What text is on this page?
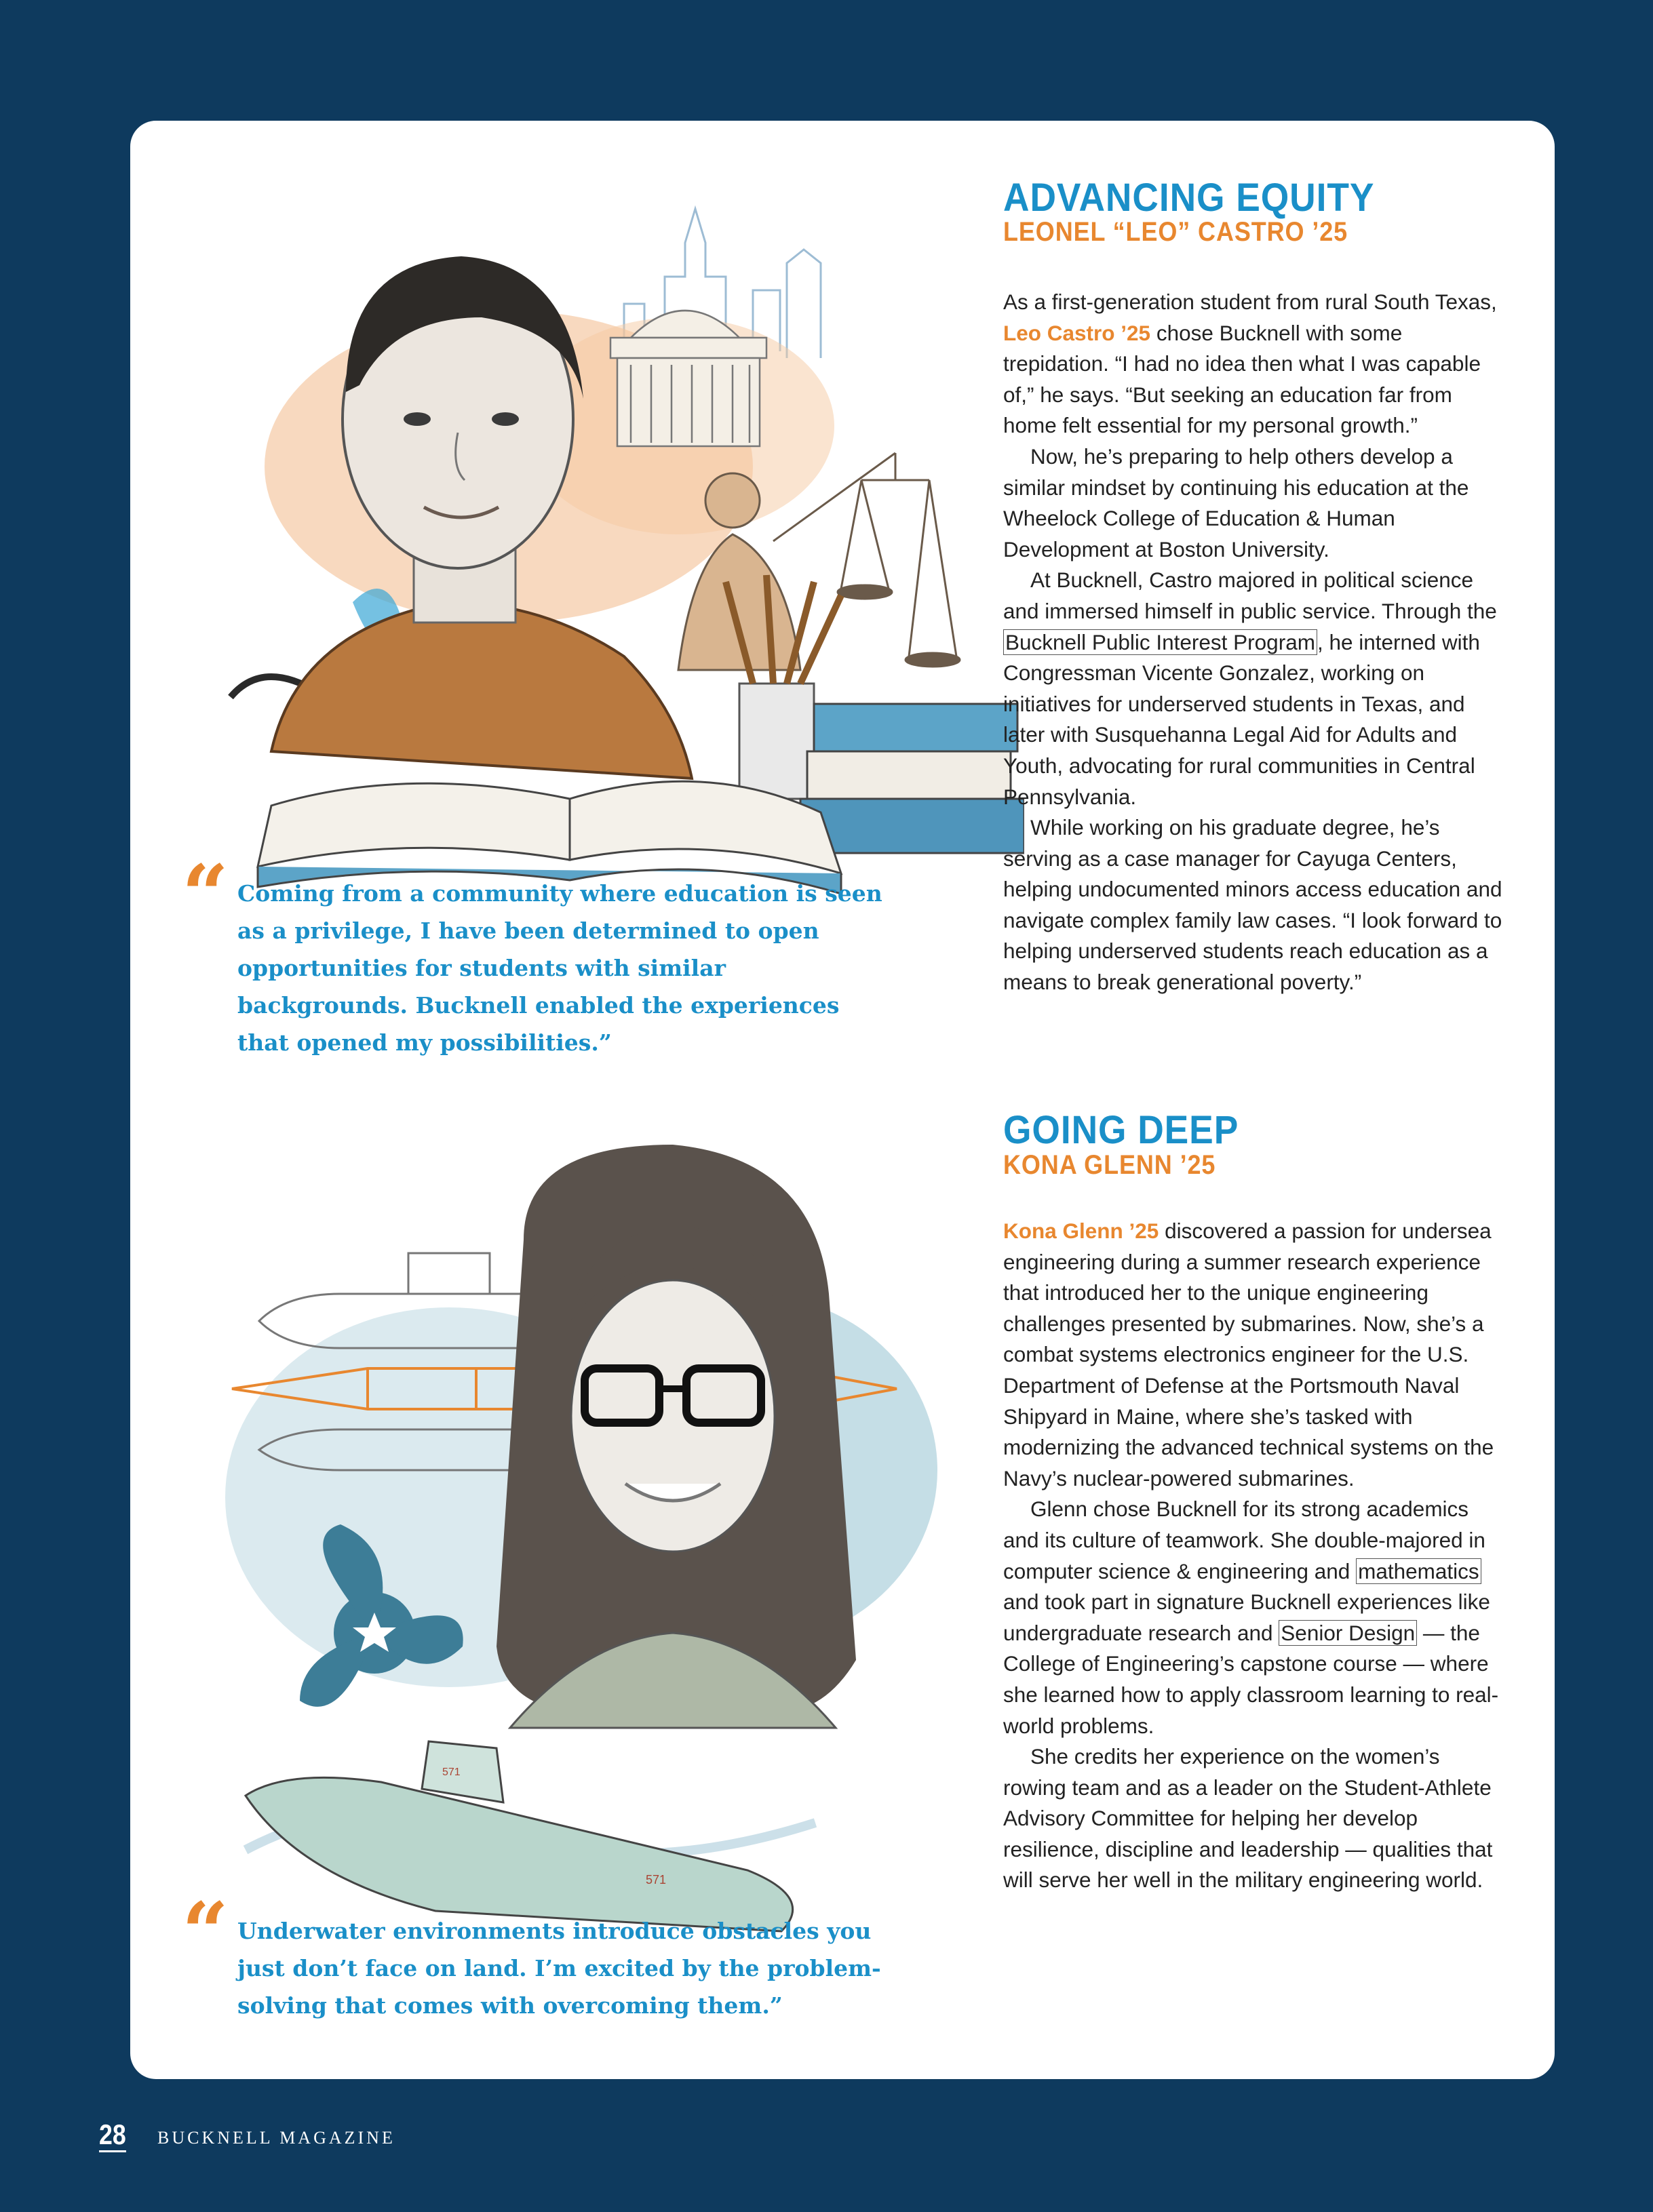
ADVANCING EQUITY
LEONEL “LEO” CASTRO ’25

As a first-generation student from rural South Texas, Leo Castro ’25 chose Bucknell with some trepidation. “I had no idea then what I was capable of,” he says. “But seeking an education far from home felt essential for my personal growth.”

Now, he’s preparing to help others develop a similar mindset by continuing his education at the Wheelock College of Education & Human Development at Boston University.

At Bucknell, Castro majored in political science and immersed himself in public service. Through the Bucknell Public Interest Program, he interned with Congressman Vicente Gonzalez, working on initiatives for underserved students in Texas, and later with Susquehanna Legal Aid for Adults and Youth, advocating for rural communities in Central Pennsylvania.

While working on his graduate degree, he’s serving as a case manager for Cayuga Centers, helping undocumented minors access education and navigate complex family law cases. “I look forward to helping underserved students reach education as a means to break generational poverty.”

“ Coming from a community where education is seen as a privilege, I have been determined to open opportunities for students with similar backgrounds. Bucknell enabled the experiences that opened my possibilities.”
571
571
GOING DEEP
KONA GLENN ’25

Kona Glenn ’25 discovered a passion for undersea engineering during a summer research experience that introduced her to the unique engineering challenges presented by submarines. Now, she’s a combat systems electronics engineer for the U.S. Department of Defense at the Portsmouth Naval Shipyard in Maine, where she’s tasked with modernizing the advanced technical systems on the Navy’s nuclear-powered submarines.

Glenn chose Bucknell for its strong academics and its culture of teamwork. She double-majored in computer science & engineering and mathematics and took part in signature Bucknell experiences like undergraduate research and Senior Design — the College of Engineering’s capstone course — where she learned how to apply classroom learning to real-world problems.

She credits her experience on the women’s rowing team and as a leader on the Student-Athlete Advisory Committee for helping her develop resilience, discipline and leadership — qualities that will serve her well in the military engineering world.

“ Underwater environments introduce obstacles you just don’t face on land. I’m excited by the problem-solving that comes with overcoming them.”
28 BUCKNELL MAGAZINE
